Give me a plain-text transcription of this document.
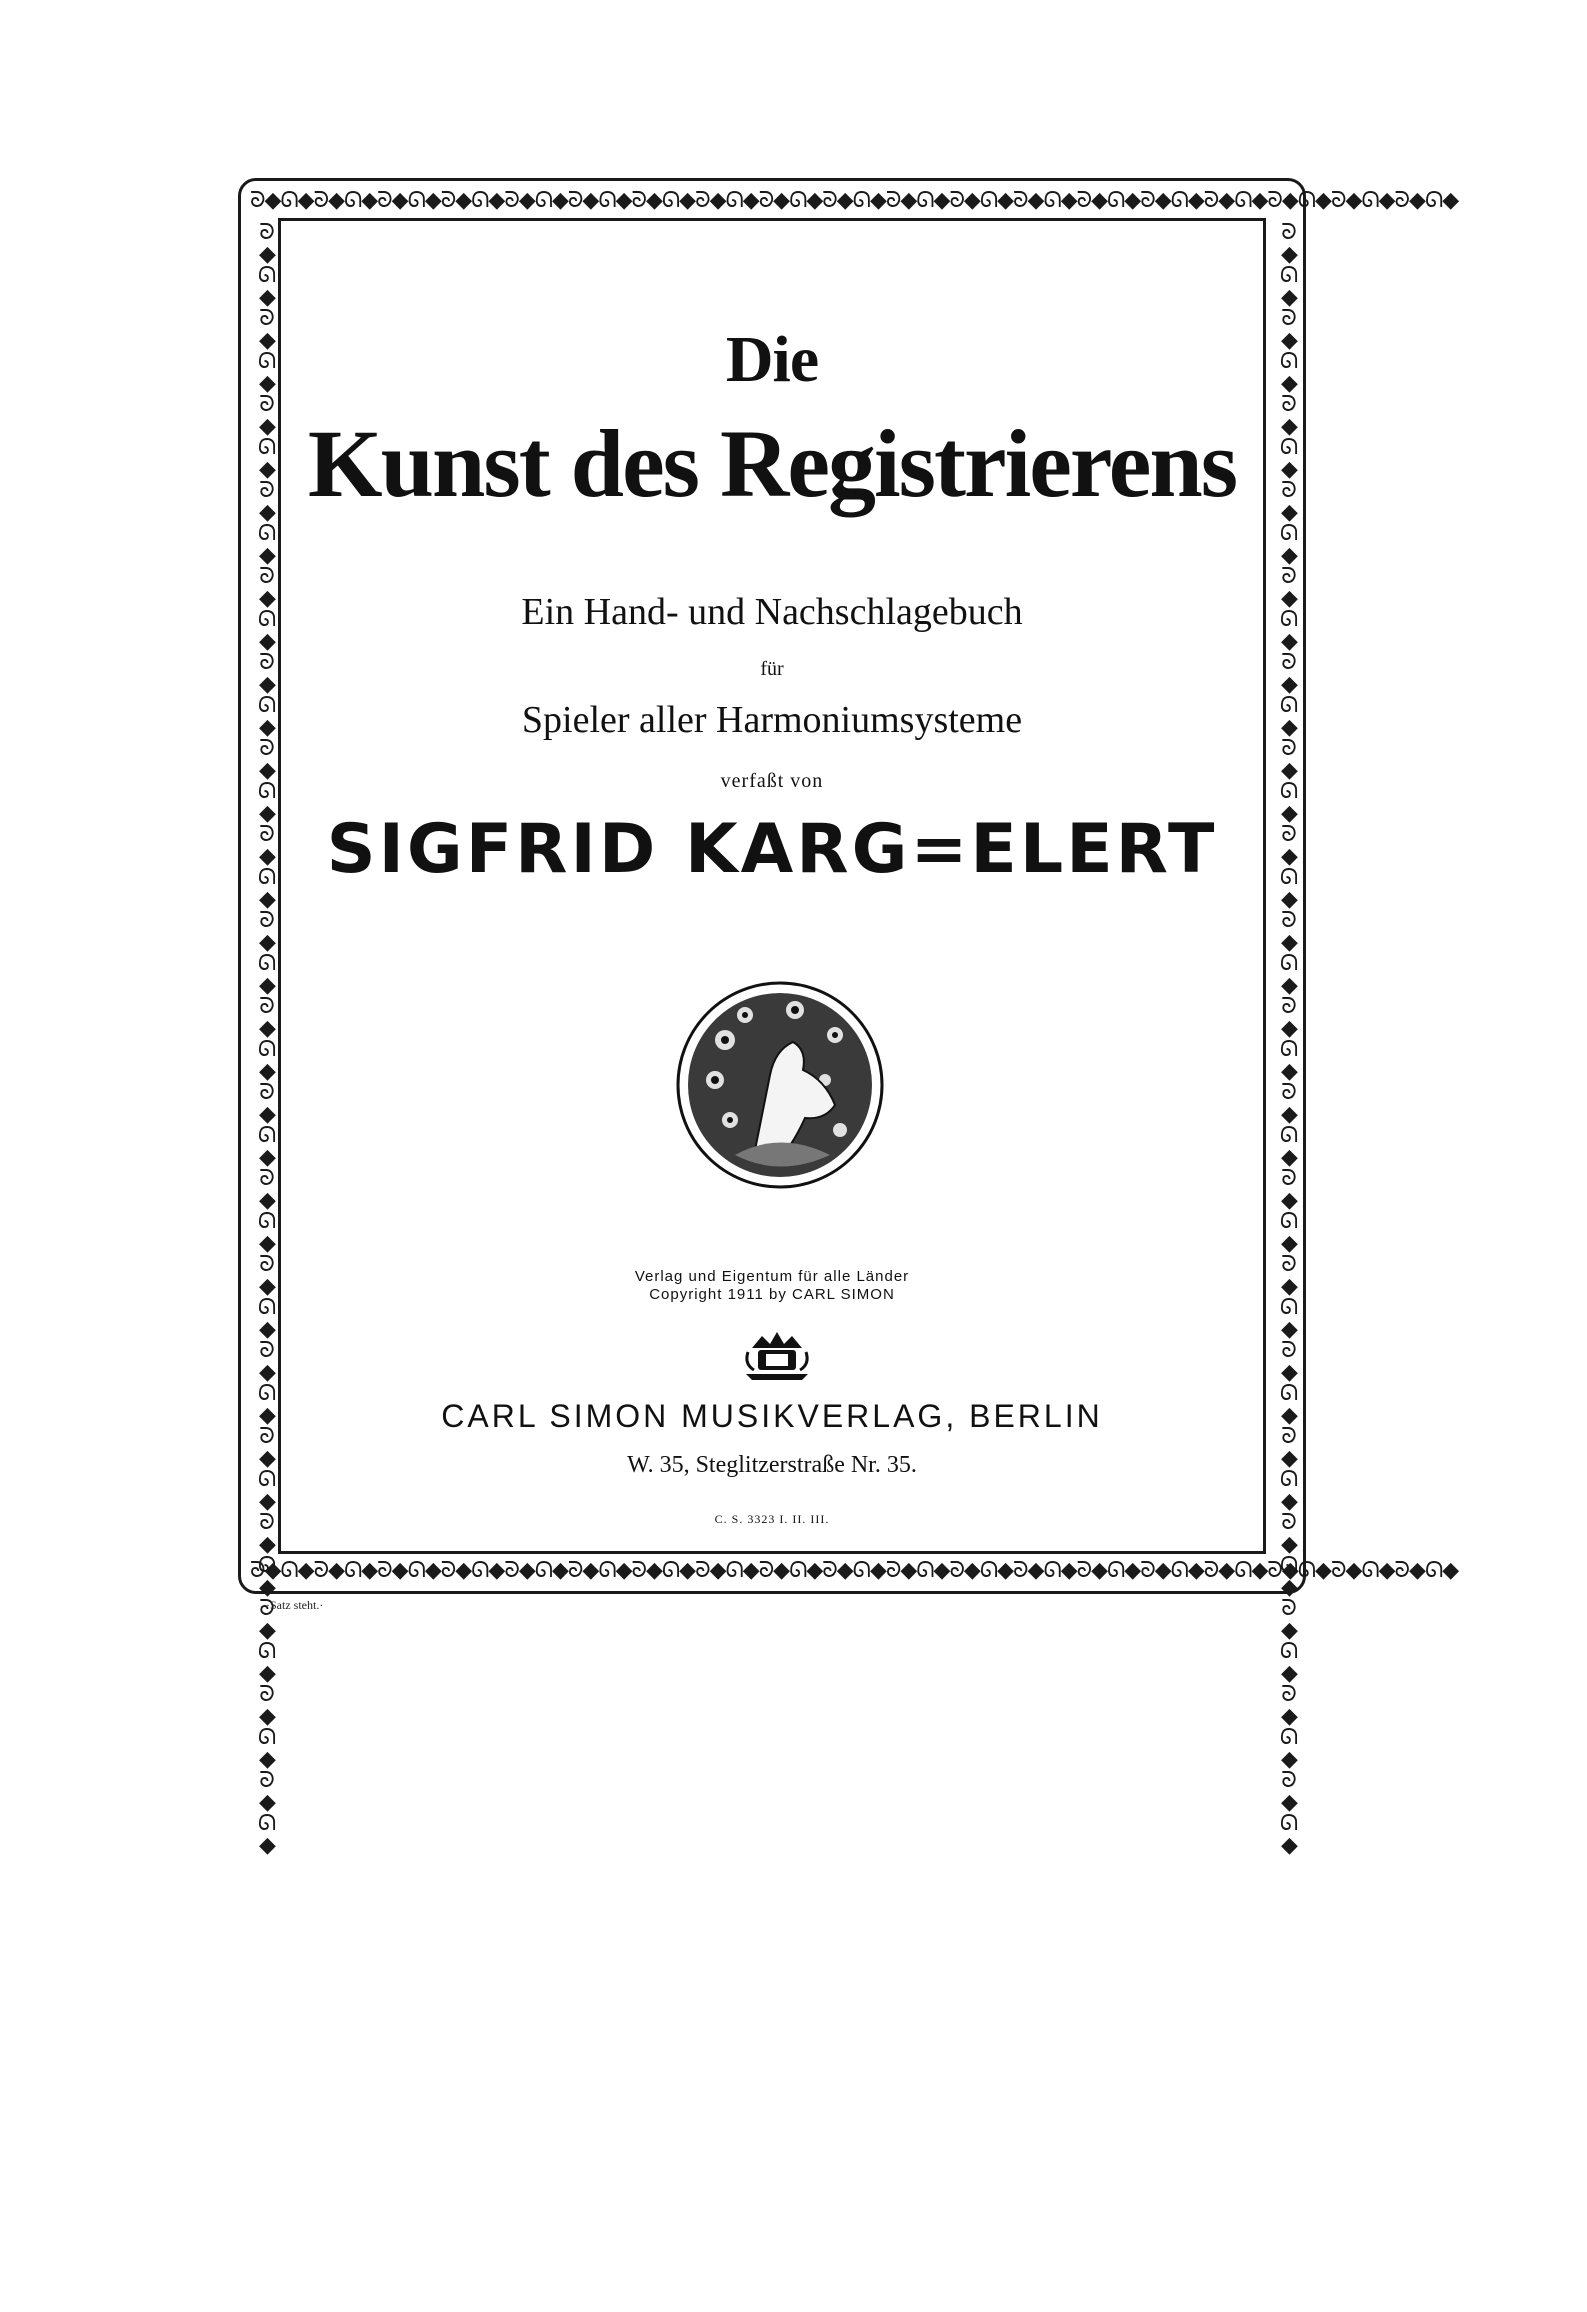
ᘐ◆ᘏ◆ᘐ◆ᘏ◆ᘐ◆ᘏ◆ᘐ◆ᘏ◆ᘐ◆ᘏ◆ᘐ◆ᘏ◆ᘐ◆ᘏ◆ᘐ◆ᘏ◆ᘐ◆ᘏ◆ᘐ◆ᘏ◆ᘐ◆ᘏ◆ᘐ◆ᘏ◆ᘐ◆ᘏ◆ᘐ◆ᘏ◆ᘐ◆ᘏ◆ᘐ◆ᘏ◆ᘐ◆ᘏ◆ᘐ◆ᘏ◆ᘐ◆ᘏ◆
ᘐ◆ᘏ◆ᘐ◆ᘏ◆ᘐ◆ᘏ◆ᘐ◆ᘏ◆ᘐ◆ᘏ◆ᘐ◆ᘏ◆ᘐ◆ᘏ◆ᘐ◆ᘏ◆ᘐ◆ᘏ◆ᘐ◆ᘏ◆ᘐ◆ᘏ◆ᘐ◆ᘏ◆ᘐ◆ᘏ◆ᘐ◆ᘏ◆ᘐ◆ᘏ◆ᘐ◆ᘏ◆ᘐ◆ᘏ◆ᘐ◆ᘏ◆ᘐ◆ᘏ◆
ᘐ◆ᘏ◆ᘐ◆ᘏ◆ᘐ◆ᘏ◆ᘐ◆ᘏ◆ᘐ◆ᘏ◆ᘐ◆ᘏ◆ᘐ◆ᘏ◆ᘐ◆ᘏ◆ᘐ◆ᘏ◆ᘐ◆ᘏ◆ᘐ◆ᘏ◆ᘐ◆ᘏ◆ᘐ◆ᘏ◆ᘐ◆ᘏ◆ᘐ◆ᘏ◆ᘐ◆ᘏ◆ᘐ◆ᘏ◆ᘐ◆ᘏ◆ᘐ◆ᘏ◆	ᘐ◆ᘏ◆ᘐ◆ᘏ◆ᘐ◆ᘏ◆ᘐ◆ᘏ◆ᘐ◆ᘏ◆ᘐ◆ᘏ◆ᘐ◆ᘏ◆ᘐ◆ᘏ◆ᘐ◆ᘏ◆ᘐ◆ᘏ◆ᘐ◆ᘏ◆ᘐ◆ᘏ◆ᘐ◆ᘏ◆ᘐ◆ᘏ◆ᘐ◆ᘏ◆ᘐ◆ᘏ◆ᘐ◆ᘏ◆ᘐ◆ᘏ◆ᘐ◆ᘏ◆

Die

Kunst des Registrierens

Ein Hand- und Nachschlagebuch

für

Spieler aller Harmoniumsysteme

verfaßt von

SIGFRID KARG=ELERT

Verlag und Eigentum für alle Länder
Copyright 1911 by CARL SIMON

CARL SIMON MUSIKVERLAG, BERLIN

W. 35, Steglitzerstraße Nr. 35.

C. S. 3323 I. II. III.

·Satz steht.·
